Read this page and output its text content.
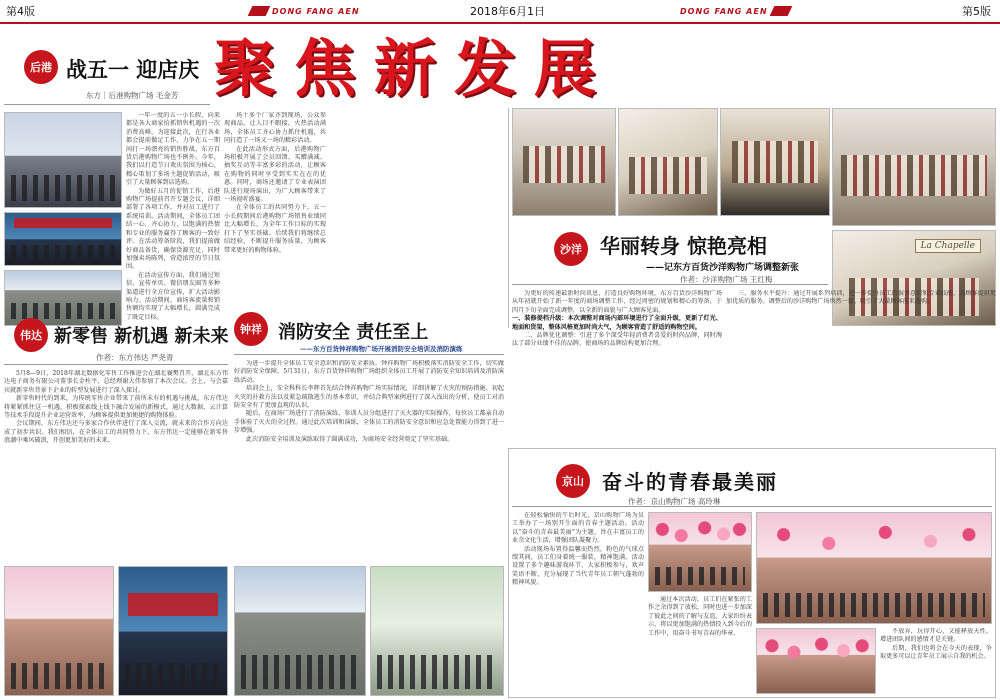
第4版	DONG FANG AEN	2018年6月1日	DONG FANG AEN	第5版
聚焦新发展
后港 战五一 迎店庆
东方｜后港购物广场 毛金芳

一年一度的五一小长假，向来都是各大商家拾抓销售机遇的一次消费高峰。为迎接此次，在行各业都会提前做足工作，力争在五一期间打一场漂亮的销售胜战，东方百货后港购物广场也不例外。今年，我们以打造节日欢庆氛围为核心，精心策划了多场主题促销活动，吸引了大量顾客到店选购。

为做好五月的促销工作，后港购物广场提前召开专题会议，详细部署了各项工作，并对员工进行了系统培训。活动期间，全体员工团结一心，齐心协力，以饱满的热情和专业的服务赢得了顾客的一致好评。在活动筹备阶段，我们提前做好商品备货，确保货源充足，同时加强卖场陈列，营造浓厚的节日氛围。

在活动宣传方面，我们通过短信、宣传单页、微信朋友圈等多种渠道进行全方位宣传，扩大活动影响力。活动期间，商场客流量和销售额均实现了大幅增长，圆满完成了既定目标。

场十多个厂家齐到现场，公众参观商品，让人目不暇接，火热活动满场，全体员工齐心协力抓住机遇，共同打造了一场又一场的精彩活动。

在此活动形式方面，后港购物广场积极开展了会员回馈、买赠满减、抽奖互动等丰富多彩的活动，让顾客在购物的同时享受到实实在在的优惠。同时，商场还邀请了专业表演团队进行现场演出，为广大顾客带来了一场视听盛宴。

在全体员工的共同努力下，五一小长假期间后港购物广场销售业绩同比大幅增长，为全年工作目标的实现打下了坚实基础。后续我们将继续总结经验，不断提升服务质量，为顾客带来更好的购物体验。	La Chapelle
沙洋 华丽转身 惊艳亮相
——记东方百货沙洋购物广场调整新张
作者：沙洋购物广场 王红梅

为更好的传递最新时尚讯息，打造良好购物环境，东方百货沙洋购物广场从年初就开始了新一年度的商场调整工作，经过周密的规划和精心的筹备，于四月下旬全面完成调整，以全新的面貌与广大顾客见面。

一、装修提档升级：本次调整对商场内部环境进行了全面升级，更新了灯光、地面和货架，整体风格更加时尚大气，为顾客营造了舒适的购物空间。

二、品牌优化调整：引进了多个深受年轻消费者喜爱的时尚品牌，同时淘汰了部分业绩不佳的品牌，使商场的品牌结构更加合理。

三、服务水平提升：通过开展系列培训，进一步提升员工的服务意识和专业技能，为顾客提供更加优质的服务。调整后的沙洋购物广场焕然一新，吸引了大量顾客前来选购。

伟达 新零售 新机遇 新未来
作者：东方伟达 严尧青

5月8—9日，2018年湖北数据化零售工作推进会在湖北襄樊召开，湖北东方伟达电子商务有限公司董事长金柱平、总经理谢大伟参加了本次会议。会上，与会嘉宾就新零售背景下企业的转型发展进行了深入探讨。

新零售时代的到来，为传统零售企业带来了前所未有的机遇与挑战。东方伟达将紧紧抓住这一机遇，积极探索线上线下融合发展的新模式，通过大数据、云计算等技术手段提升企业运营效率，为顾客提供更加便捷的购物体验。

会议期间，东方伟达还与多家合作伙伴进行了深入交流，就未来的合作方向达成了初步共识。我们相信，在全体员工的共同努力下，东方伟达一定能够在新零售浪潮中乘风破浪，开创更加美好的未来。

钟祥 消防安全 责任至上
——东方百货钟祥购物广场开展消防安全培训及消防演练

为进一步提升全体员工安全意识和消防安全素质，钟祥购物广场积极落实消防安全工作，切实做好消防安全保障。5月31日，东方百货钟祥购物广场组织全体员工开展了消防安全知识培训及消防演练活动。

培训会上，安全科科长李辉首先结合钟祥购物广场实际情况，详细讲解了火灾的预防措施、初起火灾的扑救方法以及紧急疏散逃生的基本常识，并结合典型案例进行了深入浅出的分析，使员工对消防安全有了更加直观的认识。

随后，在商场广场进行了消防演练，参训人员分组进行了灭火器的实际操作，每位员工都亲自动手体验了灭火的全过程。通过此次培训和演练，全体员工的消防安全意识和应急处置能力得到了进一步增强。

此次消防安全培训及演练取得了圆满成功，为商场安全经营奠定了坚实基础。

京山 奋斗的青春最美丽
作者：京山购物广场 高玲琳

在轻松愉快的午后时光，京山购物广场为员工举办了一场别开生面的青春主题活动。活动以“奋斗的青春最美丽”为主题，旨在丰富员工的业余文化生活，增强团队凝聚力。

活动现场布置得温馨而热烈，粉色的气球点缀其间，员工们身着统一服装，精神饱满。活动设置了多个趣味游戏环节，大家积极参与，欢声笑语不断，充分展现了当代青年员工朝气蓬勃的精神风貌。

通过本次活动，员工们在紧张的工作之余得到了放松，同时也进一步加深了彼此之间的了解与友谊。大家纷纷表示，将以更加饱满的热情投入到今后的工作中，用奋斗书写青春的华章。	不放弃，玩得开心，又能释放天性。增进团队间的感情才是关键。

后期，我们也将会在今天的表现，争取更多可以让青年员工展示自我的机会。
